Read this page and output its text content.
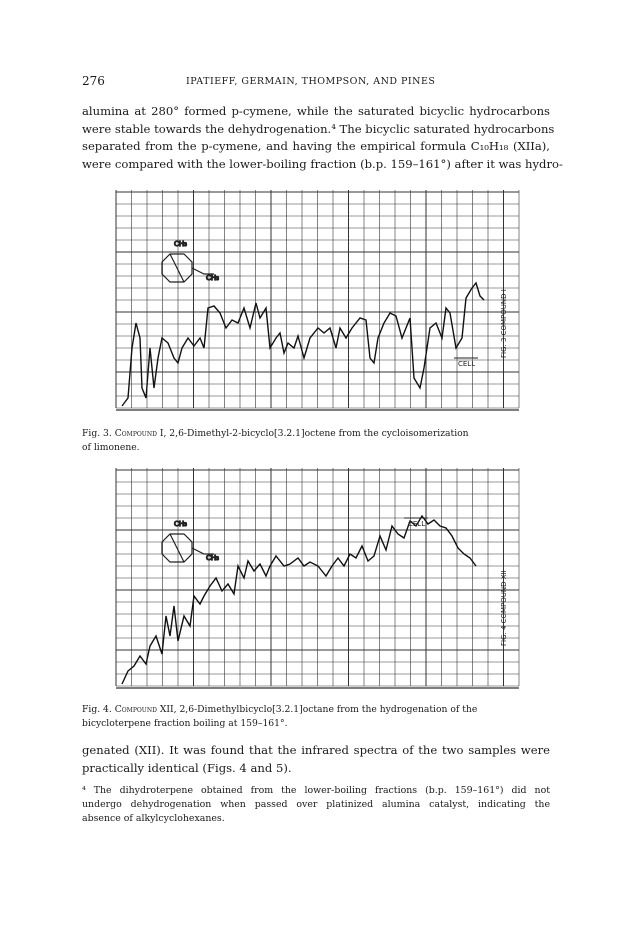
276	IPATIEFF, GERMAIN, THOMPSON, AND PINES
alumina at 280° formed p-cymene, while the saturated bicyclic hydrocarbons
were stable towards the dehydrogenation.⁴ The bicyclic saturated hydrocarbons
separated from the p-cymene, and having the empirical formula C₁₀H₁₈ (XIIa),
were compared with the lower-boiling fraction (b.p. 159–161°) after it was hydro-
CH₃
CH₃
CELL
FIG. 3 COMPOUND I

Fig. 3. Compound I, 2,6-Dimethyl-2-bicyclo[3.2.1]octene from the cycloisomerization
of limonene.

CH₃
CH₃
CELL
FIG. 4 COMPOUND XII

Fig. 4. Compound XII, 2,6-Dimethylbicyclo[3.2.1]octane from the hydrogenation of the
bicycloterpene fraction boiling at 159–161°.

genated (XII). It was found that the infrared spectra of the two samples were
practically identical (Figs. 4 and 5).
⁴ The dihydroterpene obtained from the lower-boiling fractions (b.p. 159–161°) did not
undergo dehydrogenation when passed over platinized alumina catalyst, indicating the
absence of alkylcyclohexanes.
